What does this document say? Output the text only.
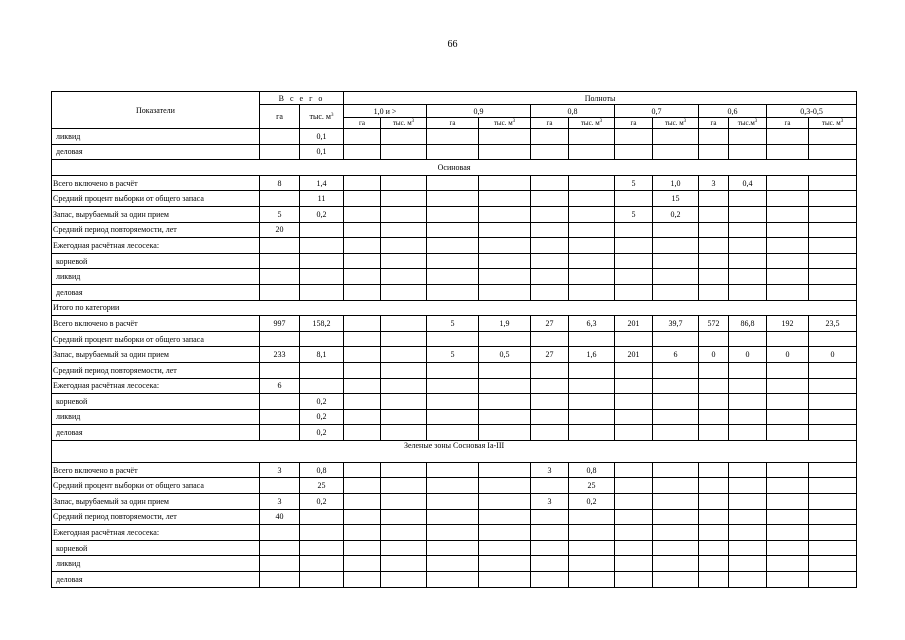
66
Показатели	В с е г о		Полноты											
	га	тыс. $м^3$	1,0 и >		0,9		0,8		0,7		0,6		0,3-0,5	
			га	тыс. $м^3$	га	тыс. $м^3$	га	тыс. $м^3$	га	тыс. $м^3$	га	$тыс.м^3$	га	тыс. $м^3$
ликвид		0,1												
деловая		0,1												
Осиновая														
Всего включено в расчёт	8	1,4							5	1,0	3	0,4		
Средний процент выборки от общего запаса		11								15				
Запас, вырубаемый за один прием	5	0,2							5	0,2				
Средний период повторяемости, лет	20													
Ежегодная расчётная лесосека:														
корневой														
ликвид														
деловая														
Итого по категории														
Всего включено в расчёт	997	158,2			5	1,9	27	6,3	201	39,7	572	86,8	192	23,5
Средний процент выборки от общего запаса														
Запас, вырубаемый за один прием	233	8,1			5	0,5	27	1,6	201	6	0	0	0	0
Средний период повторяемости, лет														
Ежегодная расчётная лесосека:	6													
корневой		0,2												
ликвид		0,2												
деловая		0,2												
Зеленые зоны Сосновая Iа-III														
Всего включено в расчёт	3	0,8					3	0,8						
Средний процент выборки от общего запаса		25						25						
Запас, вырубаемый за один прием	3	0,2					3	0,2						
Средний период повторяемости, лет	40													
Ежегодная расчётная лесосека:														
корневой														
ликвид														
деловая														
